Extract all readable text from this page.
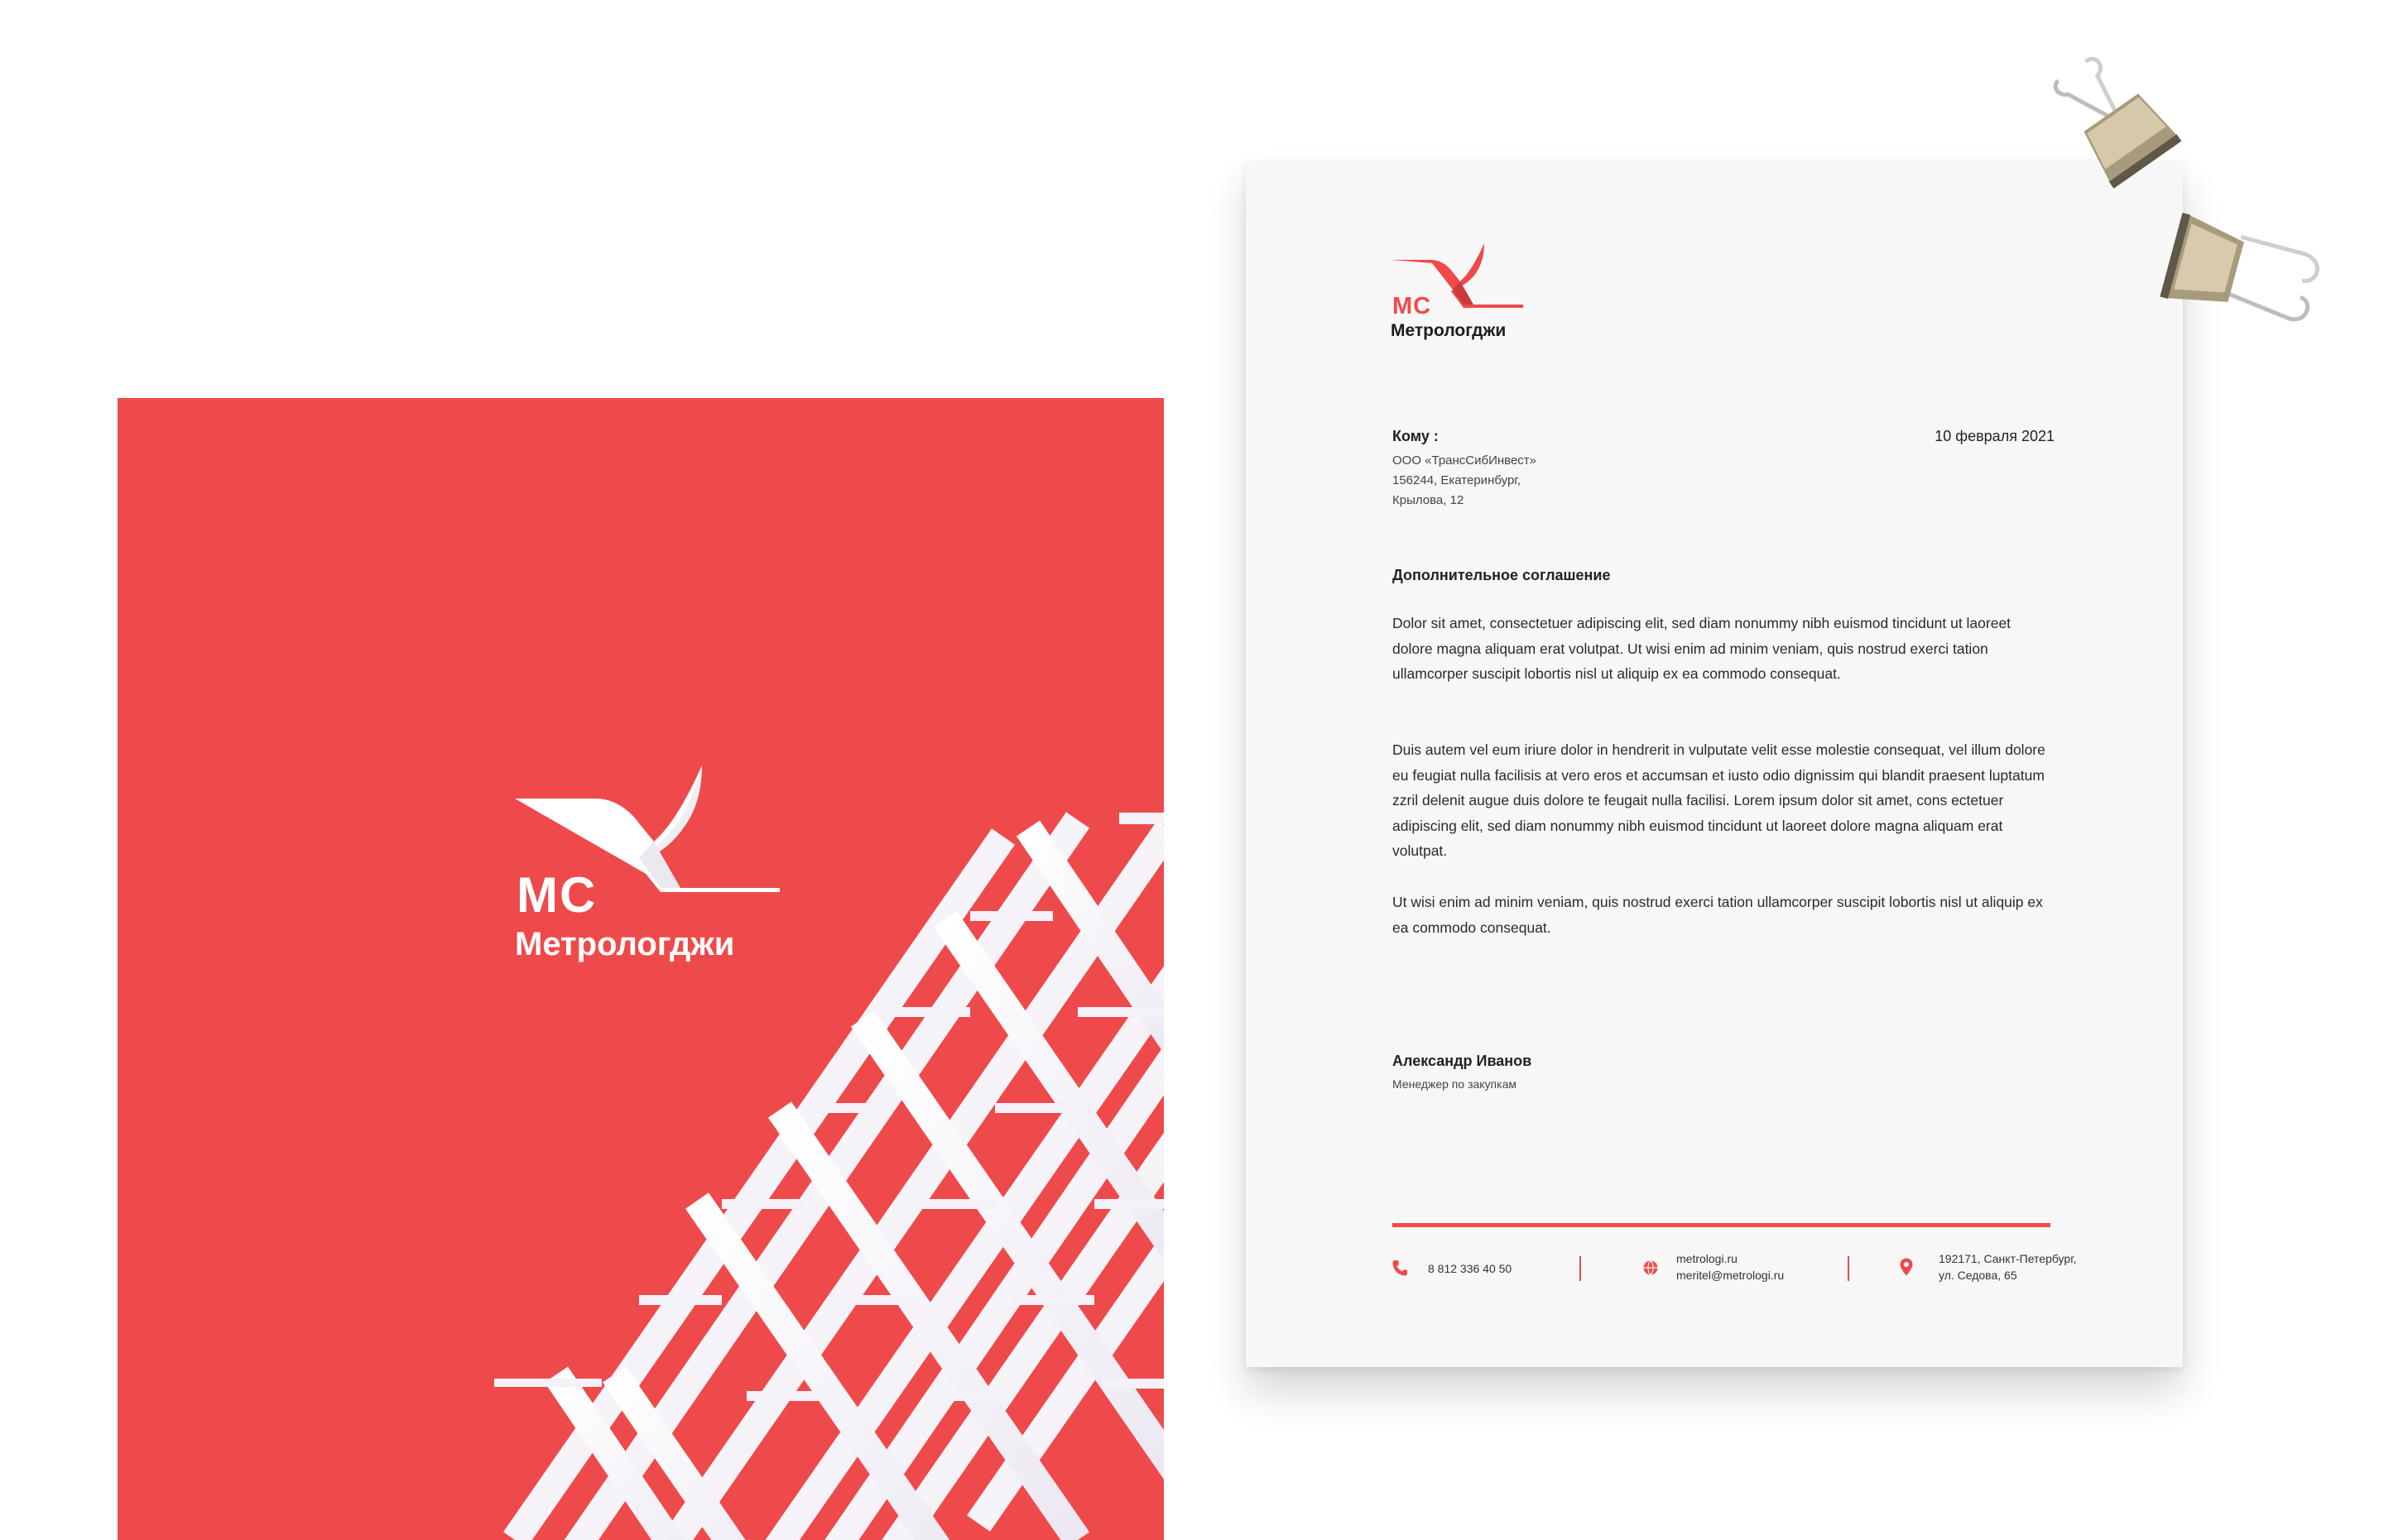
МС
Метрологджи
МС
Метрологджи
Кому :
ООО «ТрансСибИнвест»
156244, Екатеринбург,
Крылова, 12
10 февраля 2021
Дополнительное соглашение
Dolor sit amet, consectetuer adipiscing elit, sed diam nonummy nibh euismod tincidunt ut laoreet dolore magna aliquam erat volutpat. Ut wisi enim ad minim veniam, quis nostrud exerci tation ullamcorper suscipit lobortis nisl ut aliquip ex ea commodo consequat.
Duis autem vel eum iriure dolor in hendrerit in vulputate velit esse molestie consequat, vel illum dolore eu feugiat nulla facilisis at vero eros et accumsan et iusto odio dignissim qui blandit praesent luptatum zzril delenit augue duis dolore te feugait nulla facilisi. Lorem ipsum dolor sit amet, cons ectetuer adipiscing elit, sed diam nonummy nibh euismod tincidunt ut laoreet dolore magna aliquam erat volutpat.
Ut wisi enim ad minim veniam, quis nostrud exerci tation ullamcorper suscipit lobortis nisl ut aliquip ex ea commodo consequat.
Александр Иванов
Менеджер по закупкам
8 812 336 40 50
metrologi.ru
meritel@metrologi.ru
192171, Санкт-Петербург,
ул. Седова, 65
